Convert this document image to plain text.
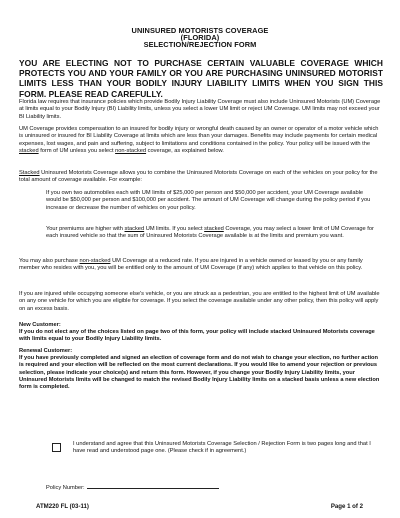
UNINSURED MOTORISTS COVERAGE
(FLORIDA)
SELECTION/REJECTION FORM
YOU ARE ELECTING NOT TO PURCHASE CERTAIN VALUABLE COVERAGE WHICH PROTECTS YOU AND YOUR FAMILY OR YOU ARE PURCHASING UNINSURED MOTORIST LIMITS LESS THAN YOUR BODILY INJURY LIABILITY LIMITS WHEN YOU SIGN THIS FORM. PLEASE READ CAREFULLY.
Florida law requires that insurance policies which provide Bodily Injury Liability Coverage must also include Uninsured Motorists (UM) Coverage at limits equal to your Bodily Injury (BI) Liability limits, unless you select a lower UM limit or reject UM Coverage. UM limits may not exceed your BI Liability limits.
UM Coverage provides compensation to an insured for bodily injury or wrongful death caused by an owner or operator of a motor vehicle which is uninsured or insured for BI Liability Coverage at limits which are less than your damages. Benefits may include payments for certain medical expenses, lost wages, and pain and suffering, subject to limitations and conditions contained in the policy. Your policy will be issued with the stacked form of UM unless you select non-stacked coverage, as explained below.
Stacked Uninsured Motorists Coverage allows you to combine the Uninsured Motorists Coverage on each of the vehicles on your policy for the total amount of coverage available. For example:
If you own two automobiles each with UM limits of $25,000 per person and $50,000 per accident, your UM Coverage available would be $50,000 per person and $100,000 per accident. The amount of UM Coverage will change during the policy period if you increase or decrease the number of vehicles on your policy.
Your premiums are higher with stacked UM limits. If you select stacked Coverage, you may select a lower limit of UM Coverage for each insured vehicle so that the sum of Uninsured Motorists Coverage available is at the limits and premium you want.
You may also purchase non-stacked UM Coverage at a reduced rate. If you are injured in a vehicle owned or leased by you or any family member who resides with you, you will be entitled only to the amount of UM Coverage (if any) which applies to that vehicle on this policy.
If you are injured while occupying someone else's vehicle, or you are struck as a pedestrian, you are entitled to the highest limit of UM available on any one vehicle for which you are eligible for coverage. If you select the coverage available under any other policy, then this policy will apply on an excess basis.
New Customer:
If you do not elect any of the choices listed on page two of this form, your policy will include stacked Uninsured Motorists coverage with limits equal to your Bodily Injury Liability limits.
Renewal Customer:
If you have previously completed and signed an election of coverage form and do not wish to change your election, no further action is required and your election will be reflected on the most current declarations. If you would like to amend your rejection or previous selection, please indicate your choice(s) and return this form. However, if you change your Bodily Injury Liability limits, your Uninsured Motorists limits will be changed to match the revised Bodily Injury Liability limits on a stacked basis unless a new election form is completed.
I understand and agree that this Uninsured Motorists Coverage Selection / Rejection Form is two pages long and that I have read and understood page one. (Please check if in agreement.)
Policy Number:
ATM220 FL (03-11)	Page 1 of 2
